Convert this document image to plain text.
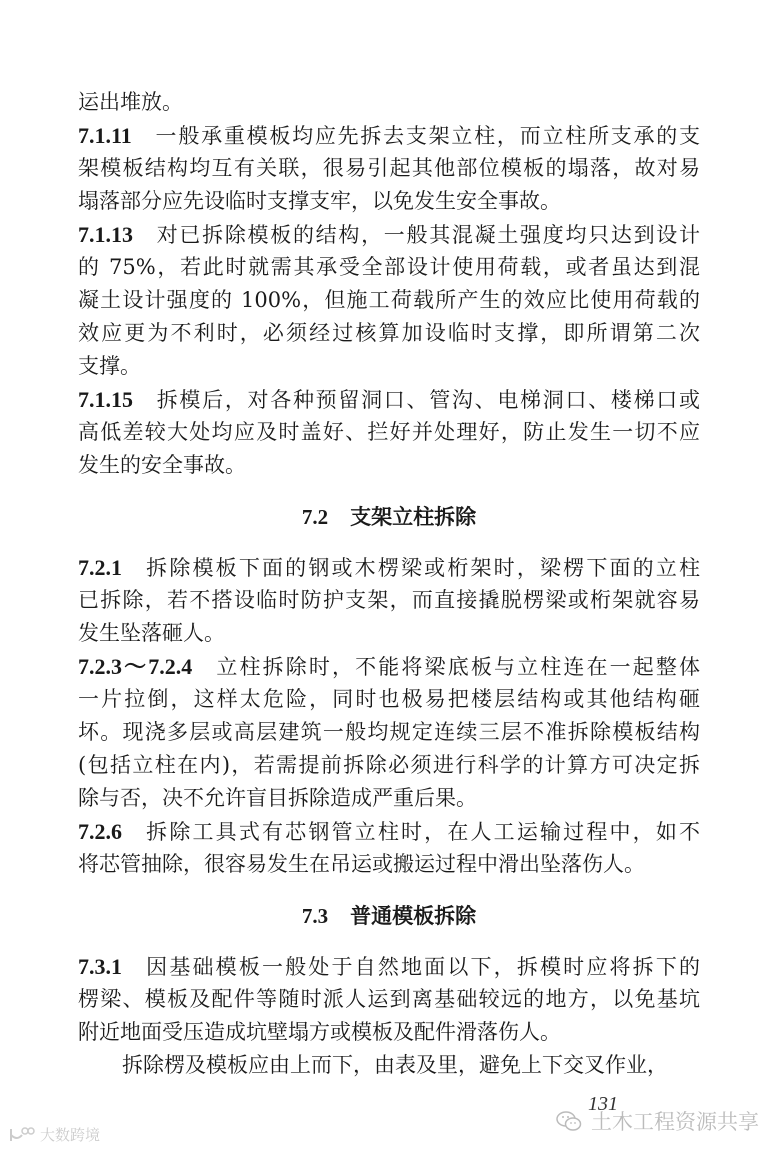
运出堆放。
7.1.11 一般承重模板均应先拆去支架立柱，而立柱所支承的支
架模板结构均互有关联，很易引起其他部位模板的塌落，故对易
塌落部分应先设临时支撑支牢，以免发生安全事故。
7.1.13 对已拆除模板的结构，一般其混凝土强度均只达到设计
的 75%，若此时就需其承受全部设计使用荷载，或者虽达到混
凝土设计强度的 100%，但施工荷载所产生的效应比使用荷载的
效应更为不利时，必须经过核算加设临时支撑，即所谓第二次
支撑。
7.1.15 拆模后，对各种预留洞口、管沟、电梯洞口、楼梯口或
高低差较大处均应及时盖好、拦好并处理好，防止发生一切不应
发生的安全事故。
7.2 支架立柱拆除
7.2.1 拆除模板下面的钢或木楞梁或桁架时，梁楞下面的立柱
已拆除，若不搭设临时防护支架，而直接撬脱楞梁或桁架就容易
发生坠落砸人。
7.2.3～7.2.4 立柱拆除时，不能将梁底板与立柱连在一起整体
一片拉倒，这样太危险，同时也极易把楼层结构或其他结构砸
坏。现浇多层或高层建筑一般均规定连续三层不准拆除模板结构
(包括立柱在内)，若需提前拆除必须进行科学的计算方可决定拆
除与否，决不允许盲目拆除造成严重后果。
7.2.6 拆除工具式有芯钢管立柱时，在人工运输过程中，如不
将芯管抽除，很容易发生在吊运或搬运过程中滑出坠落伤人。
7.3 普通模板拆除
7.3.1 因基础模板一般处于自然地面以下，拆模时应将拆下的
楞梁、模板及配件等随时派人运到离基础较远的地方，以免基坑
附近地面受压造成坑壁塌方或模板及配件滑落伤人。
拆除楞及模板应由上而下，由表及里，避免上下交叉作业，
131
土木工程资源共享
大数跨境
